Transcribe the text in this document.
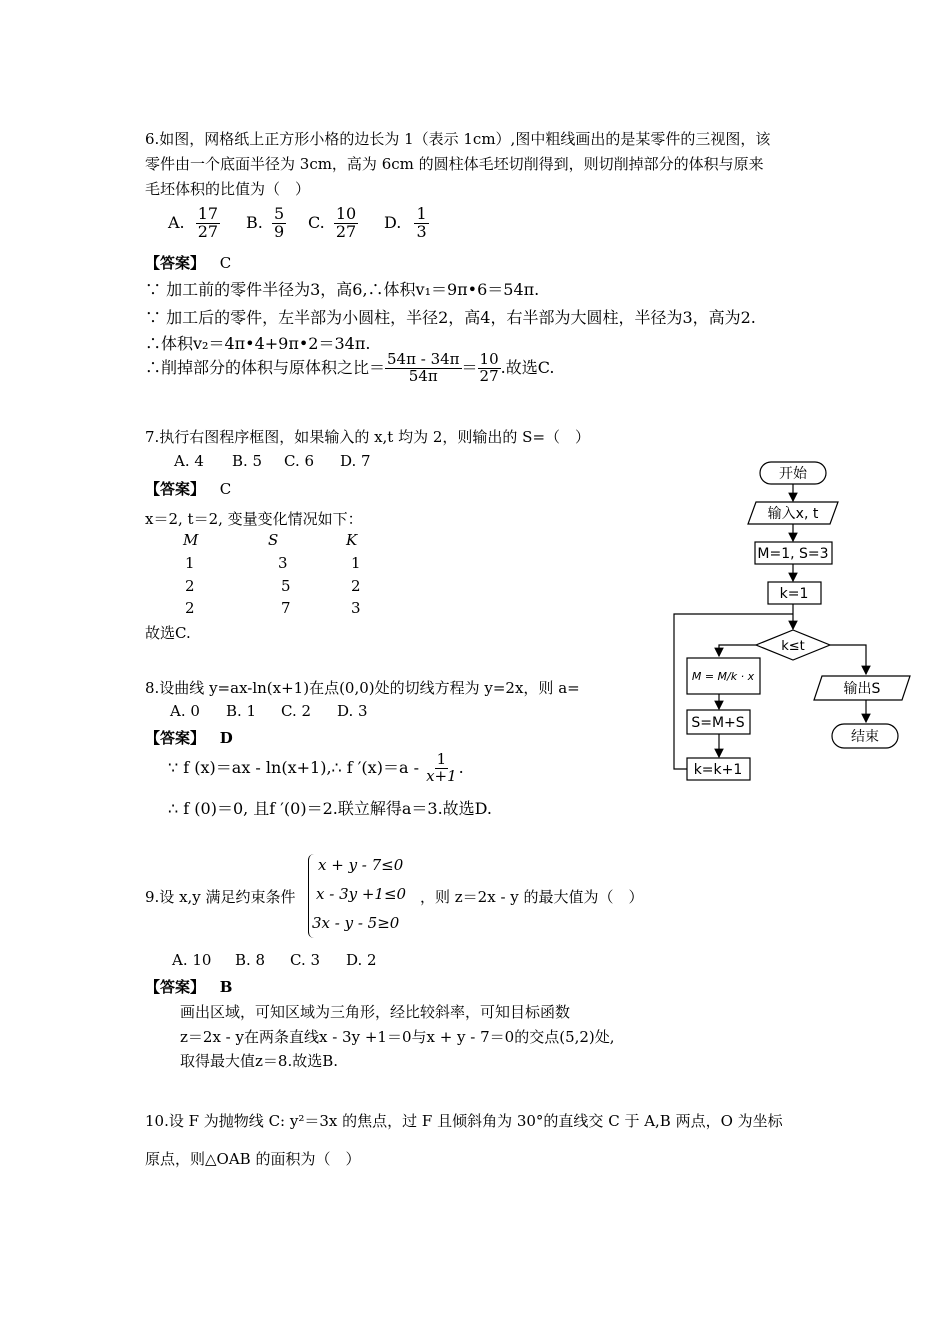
6.如图，网格纸上正方形小格的边长为 1（表示 1cm）,图中粗线画出的是某零件的三视图，该
零件由一个底面半径为 3cm，高为 6cm 的圆柱体毛坯切削得到，则切削掉部分的体积与原来
毛坯体积的比值为（　）
A. $\frac{17}{27} B$. $\frac{5}{9} C$. $\frac{10}{27} D$. $\frac{1}{3}$
【答案】 C
∵ 加工前的零件半径为3，高6,∴体积v₁＝9π•6＝54π.
∵ 加工后的零件，左半部为小圆柱，半径2，高4，右半部为大圆柱，半径为3，高为2.
∴体积v₂＝4π•4+9π•2＝34π.
∴削掉部分的体积与原体积之比＝ $\frac{54\pi - 34\pi}{54\pi} = \frac{10}{27}$ .故选C.
7.执行右图程序框图，如果输入的 x,t 均为 2，则输出的 S=（　）
A. 4 B. 5 C. 6 D. 7
【答案】 C
x＝2, t＝2, 变量变化情况如下：
M	S	K
1	3	1
2	5	2
2	7	3
故选C.
开始
输入x, t
M=1, S=3
k=1
k≤t
M = M/k · x
S=M+S
k=k+1
输出S
结束
8.设曲线 y=ax-ln(x+1)在点(0,0)处的切线方程为 y=2x，则 a=
A. 0 B. 1 C. 2 D. 3
【答案】 D
∵ f (x)＝ax - ln(x+1),∴ f $'(x)=a - \frac{1}{x+1}$ .
∴ f (0)＝0, 且f ′(0)＝2.联立解得a＝3.故选D.
9.设 x,y 满足约束条件
x + y - 7≤0
x - 3y +1≤0
3x - y - 5≥0
，则 z＝2x - y 的最大值为（　）
A. 10 B. 8 C. 3 D. 2
【答案】 B
画出区域，可知区域为三角形，经比较斜率，可知目标函数
z＝2x - y在两条直线x - 3y +1＝0与x + y - 7＝0的交点(5,2)处,
取得最大值z＝8.故选B.
10.设 F 为抛物线 C: y²＝3x 的焦点，过 F 且倾斜角为 30°的直线交 C 于 A,B 两点，O 为坐标
原点，则△OAB 的面积为（　）
